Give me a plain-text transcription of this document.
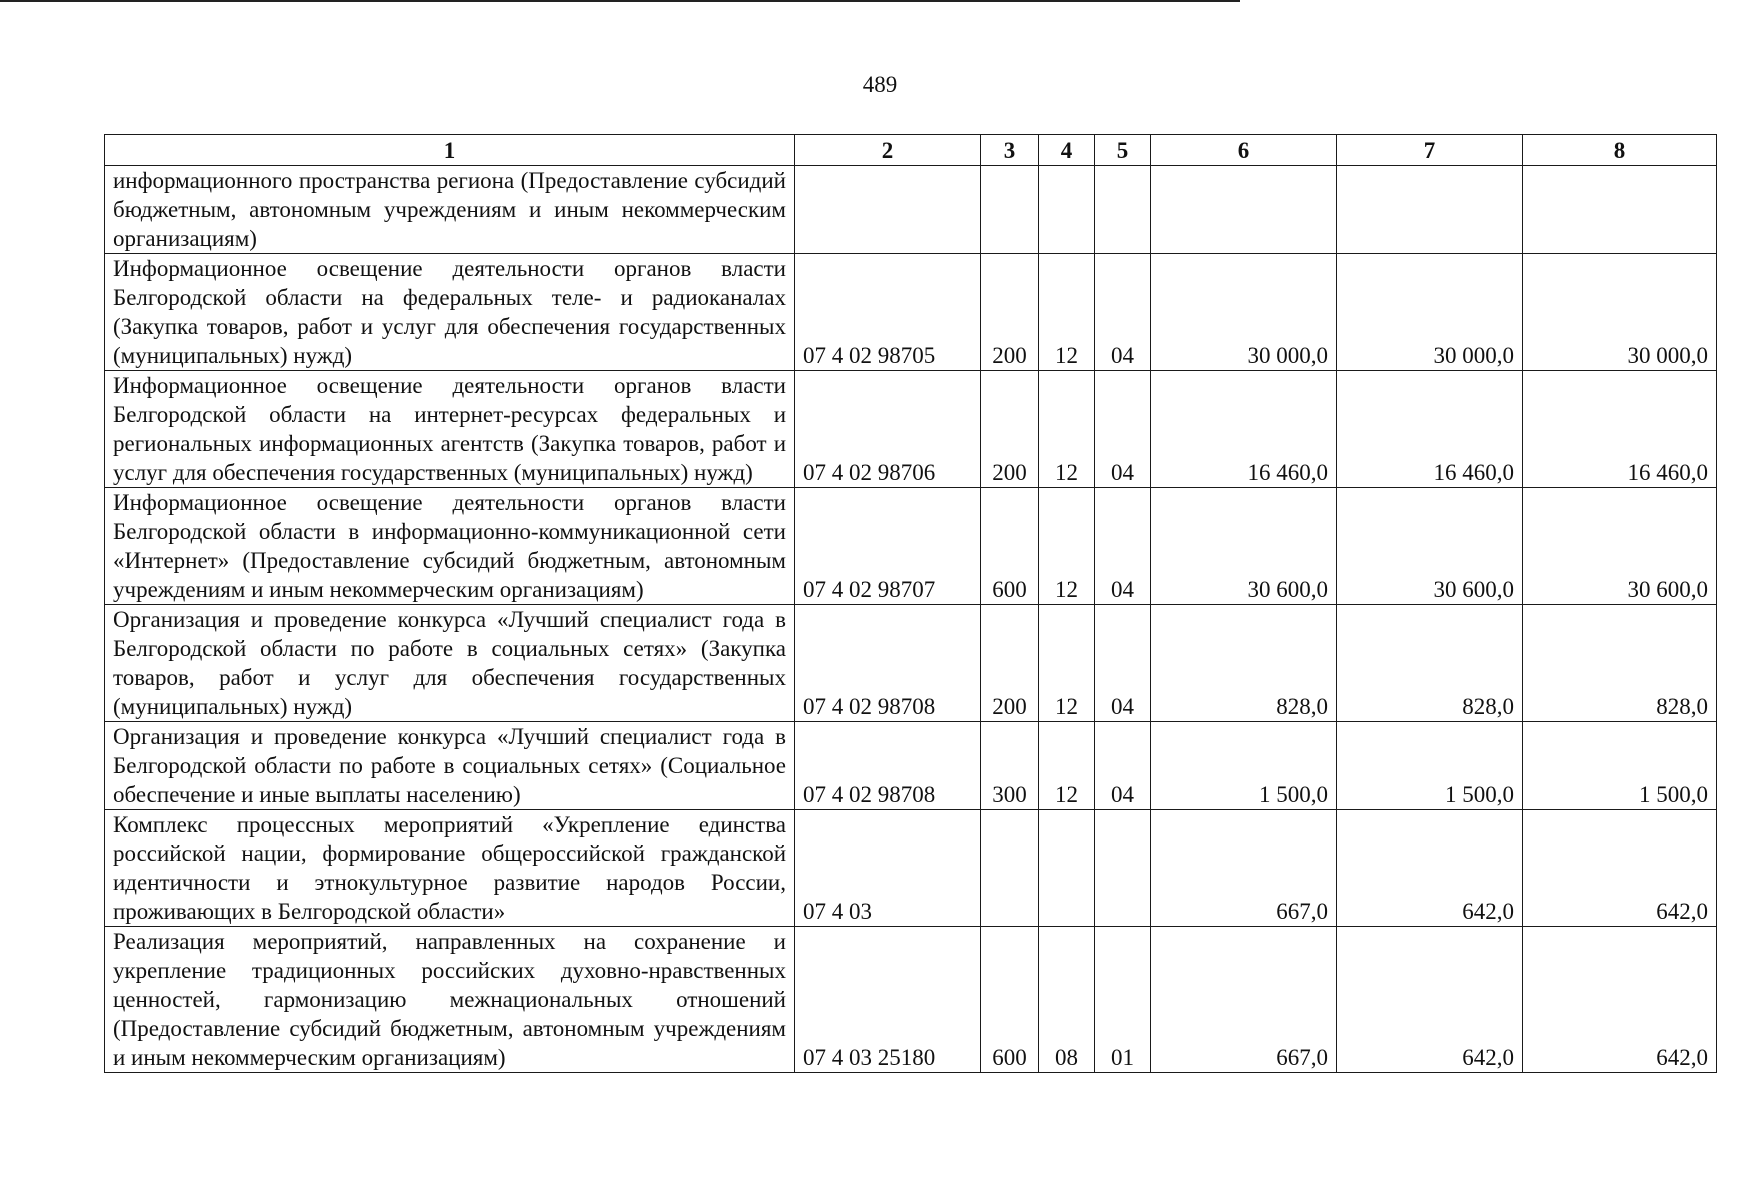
489
1	2	3	4	5	6	7	8
информационного пространства региона (Предоставление субсидий бюджетным, автономным учреждениям и иным некоммерческим организациям)							
Информационное освещение деятельности органов власти Белгородской области на федеральных теле- и радиоканалах (Закупка товаров, работ и услуг для обеспечения государственных (муниципальных) нужд)	07 4 02 98705	200	12	04	30 000,0	30 000,0	30 000,0
Информационное освещение деятельности органов власти Белгородской области на интернет-ресурсах федеральных и региональных информационных агентств (Закупка товаров, работ и услуг для обеспечения государственных (муниципальных) нужд)	07 4 02 98706	200	12	04	16 460,0	16 460,0	16 460,0
Информационное освещение деятельности органов власти Белгородской области в информационно-коммуникационной сети «Интернет» (Предоставление субсидий бюджетным, автономным учреждениям и иным некоммерческим организациям)	07 4 02 98707	600	12	04	30 600,0	30 600,0	30 600,0
Организация и проведение конкурса «Лучший специалист года в Белгородской области по работе в социальных сетях» (Закупка товаров, работ и услуг для обеспечения государственных (муниципальных) нужд)	07 4 02 98708	200	12	04	828,0	828,0	828,0
Организация и проведение конкурса «Лучший специалист года в Белгородской области по работе в социальных сетях» (Социальное обеспечение и иные выплаты населению)	07 4 02 98708	300	12	04	1 500,0	1 500,0	1 500,0
Комплекс процессных мероприятий «Укрепление единства российской нации, формирование общероссийской гражданской идентичности и этнокультурное развитие народов России, проживающих в Белгородской области»	07 4 03				667,0	642,0	642,0
Реализация мероприятий, направленных на сохранение и укрепление традиционных российских духовно-нравственных ценностей, гармонизацию межнациональных отношений (Предоставление субсидий бюджетным, автономным учреждениям и иным некоммерческим организациям)	07 4 03 25180	600	08	01	667,0	642,0	642,0
